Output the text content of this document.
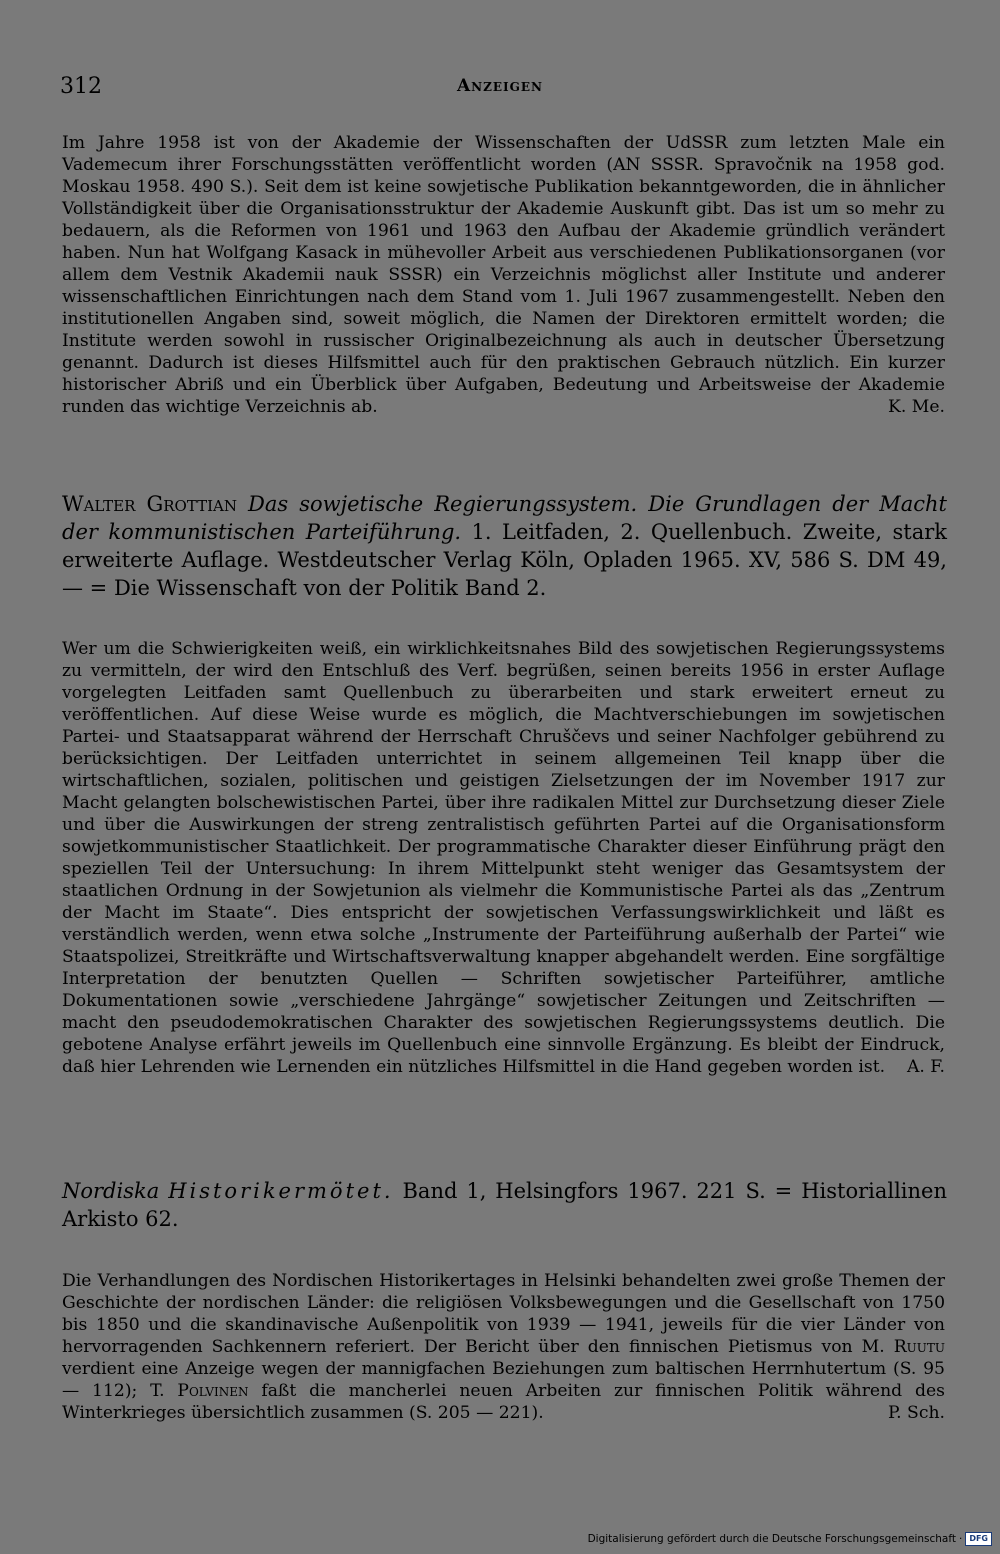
312	Anzeigen
Im Jahre 1958 ist von der Akademie der Wissenschaften der UdSSR zum letzten Male ein Vademecum ihrer Forschungsstätten veröffentlicht worden (AN SSSR. Spravočnik na 1958 god. Moskau 1958. 490 S.). Seit dem ist keine sowjetische Publikation bekanntgeworden, die in ähnlicher Vollständigkeit über die Organisationsstruktur der Akademie Auskunft gibt. Das ist um so mehr zu bedauern, als die Reformen von 1961 und 1963 den Aufbau der Akademie gründlich verändert haben. Nun hat Wolfgang Kasack in mühevoller Arbeit aus verschiedenen Publikationsorganen (vor allem dem Vestnik Akademii nauk SSSR) ein Verzeichnis möglichst aller Institute und anderer wissenschaftlichen Einrichtungen nach dem Stand vom 1. Juli 1967 zusammengestellt. Neben den institutionellen Angaben sind, soweit möglich, die Namen der Direktoren ermittelt worden; die Institute werden sowohl in russischer Originalbezeichnung als auch in deutscher Übersetzung genannt. Dadurch ist dieses Hilfsmittel auch für den praktischen Gebrauch nützlich. Ein kurzer historischer Abriß und ein Überblick über Aufgaben, Bedeutung und Arbeitsweise der Akademie runden das wichtige Verzeichnis ab.	K. Me.
Walter Grottian Das sowjetische Regierungssystem. Die Grundlagen der Macht der kommunistischen Parteiführung. 1. Leitfaden, 2. Quellenbuch. Zweite, stark erweiterte Auflage. Westdeutscher Verlag Köln, Opladen 1965. XV, 586 S. DM 49,— = Die Wissenschaft von der Politik Band 2.
Wer um die Schwierigkeiten weiß, ein wirklichkeitsnahes Bild des sowjetischen Regierungssystems zu vermitteln, der wird den Entschluß des Verf. begrüßen, seinen bereits 1956 in erster Auflage vorgelegten Leitfaden samt Quellenbuch zu überarbeiten und stark erweitert erneut zu veröffentlichen. Auf diese Weise wurde es möglich, die Machtverschiebungen im sowjetischen Partei- und Staatsapparat während der Herrschaft Chruščevs und seiner Nachfolger gebührend zu berücksichtigen. Der Leitfaden unterrichtet in seinem allgemeinen Teil knapp über die wirtschaftlichen, sozialen, politischen und geistigen Zielsetzungen der im November 1917 zur Macht gelangten bolschewistischen Partei, über ihre radikalen Mittel zur Durchsetzung dieser Ziele und über die Auswirkungen der streng zentralistisch geführten Partei auf die Organisationsform sowjetkommunistischer Staatlichkeit. Der programmatische Charakter dieser Einführung prägt den speziellen Teil der Untersuchung: In ihrem Mittelpunkt steht weniger das Gesamtsystem der staatlichen Ordnung in der Sowjetunion als vielmehr die Kommunistische Partei als das „Zentrum der Macht im Staate“. Dies entspricht der sowjetischen Verfassungswirklichkeit und läßt es verständlich werden, wenn etwa solche „Instrumente der Parteiführung außerhalb der Partei“ wie Staatspolizei, Streitkräfte und Wirtschaftsverwaltung knapper abgehandelt werden. Eine sorgfältige Interpretation der benutzten Quellen — Schriften sowjetischer Parteiführer, amtliche Dokumentationen sowie „verschiedene Jahrgänge“ sowjetischer Zeitungen und Zeitschriften — macht den pseudodemokratischen Charakter des sowjetischen Regierungssystems deutlich. Die gebotene Analyse erfährt jeweils im Quellenbuch eine sinnvolle Ergänzung. Es bleibt der Eindruck, daß hier Lehrenden wie Lernenden ein nützliches Hilfsmittel in die Hand gegeben worden ist. A. F.
Nordiska Historikermötet. Band 1, Helsingfors 1967. 221 S. = Historiallinen Arkisto 62.
Die Verhandlungen des Nordischen Historikertages in Helsinki behandelten zwei große Themen der Geschichte der nordischen Länder: die religiösen Volksbewegungen und die Gesellschaft von 1750 bis 1850 und die skandinavische Außenpolitik von 1939 — 1941, jeweils für die vier Länder von hervorragenden Sachkennern referiert. Der Bericht über den finnischen Pietismus von M. Ruutu verdient eine Anzeige wegen der mannigfachen Beziehungen zum baltischen Herrnhutertum (S. 95 — 112); T. Polvinen faßt die mancherlei neuen Arbeiten zur finnischen Politik während des Winterkrieges übersichtlich zusammen (S. 205 — 221).	P. Sch.
Digitalisierung gefördert durch die Deutsche Forschungsgemeinschaft · DFG
